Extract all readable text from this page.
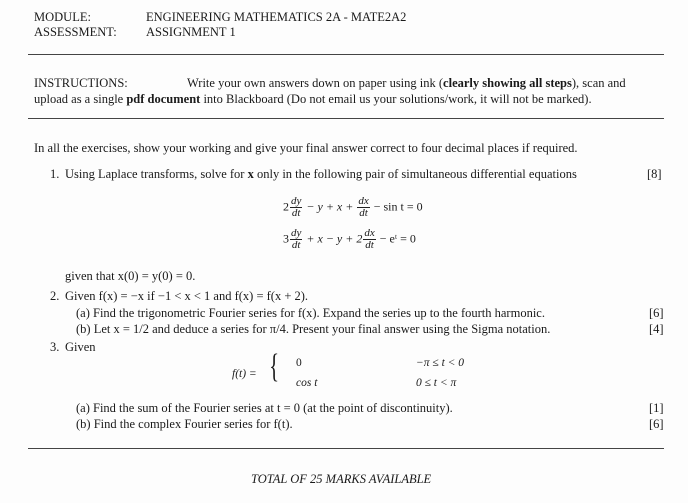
MODULE:	ENGINEERING MATHEMATICS 2A - MATE2A2
ASSESSMENT: ASSIGNMENT 1
INSTRUCTIONS:	Write your own answers down on paper using ink (clearly showing all steps), scan and
upload as a single pdf document into Blackboard (Do not email us your solutions/work, it will not be marked).
In all the exercises, show your working and give your final answer correct to four decimal places if required.
1. Using Laplace transforms, solve for x only in the following pair of simultaneous differential equations	[8]
$2 \frac{dy}{dt} - y + x + \frac{dx}{dt} - \sin t = 0$
$3 \frac{dy}{dt} + x - y + 2 \frac{dx}{dt}$ − eᵗ = 0
given that x(0) = y(0) = 0.
2. Given f(x) = −x if −1 < x < 1 and f(x) = f(x + 2).
(a) Find the trigonometric Fourier series for f(x). Expand the series up to the fourth harmonic.	[6]
(b) Let x = 1/2 and deduce a series for π/4. Present your final answer using the Sigma notation.	[4]
3. Given
f(t) = { 0	−π ≤ t < 0
cos t	0 ≤ t < π
(a) Find the sum of the Fourier series at t = 0 (at the point of discontinuity).	[1]
(b) Find the complex Fourier series for f(t).	[6]
TOTAL OF 25 MARKS AVAILABLE
